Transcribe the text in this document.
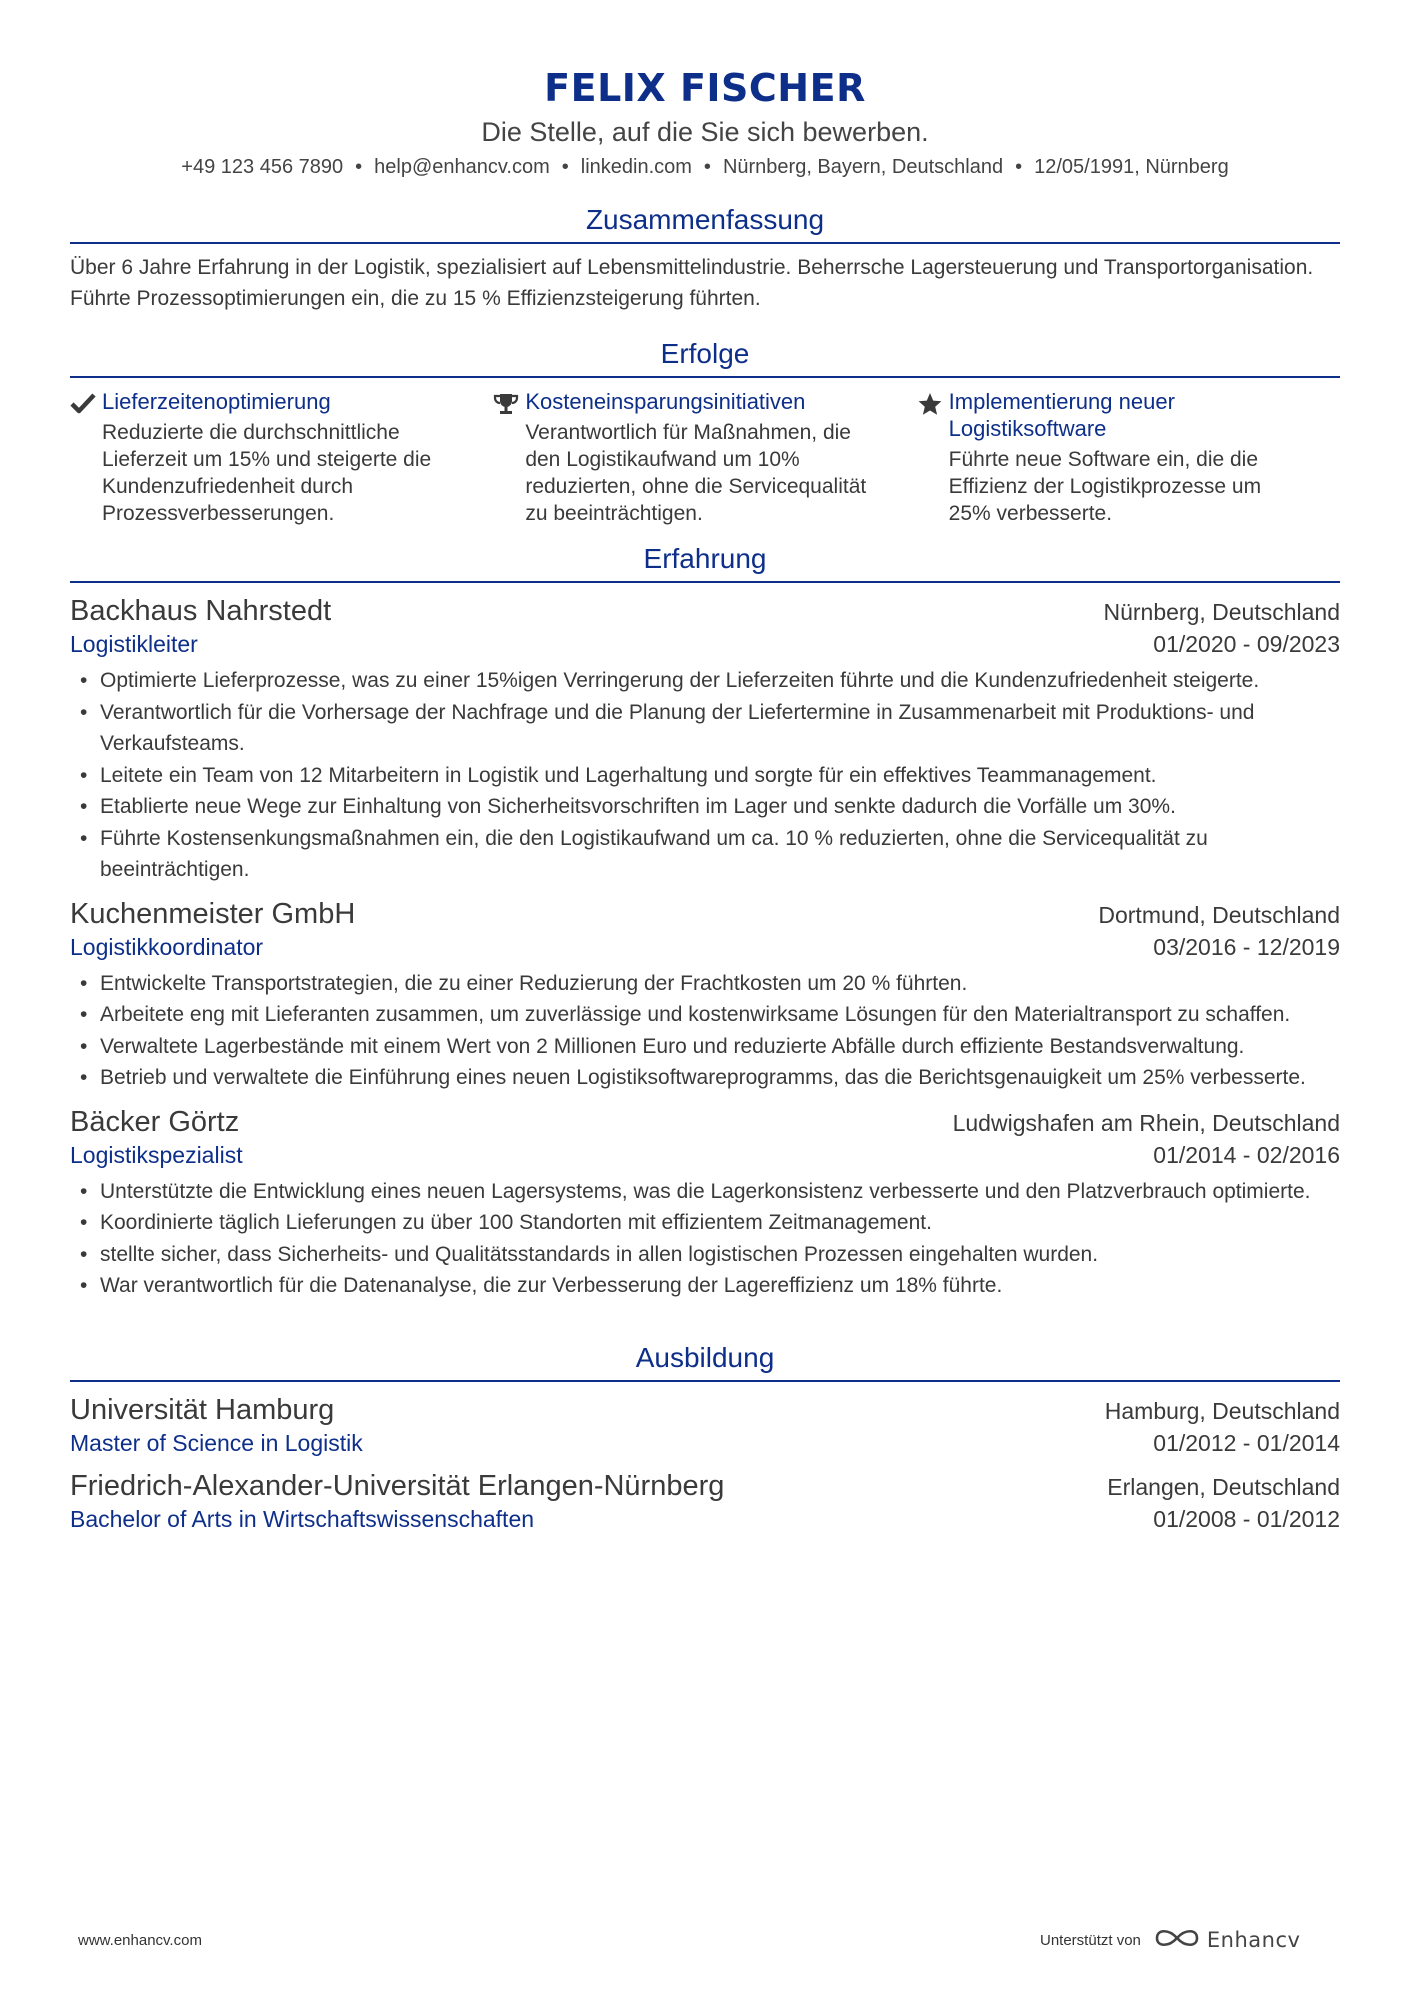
FELIX FISCHER
Die Stelle, auf die Sie sich bewerben.
+49 123 456 7890 • help@enhancv.com • linkedin.com • Nürnberg, Bayern, Deutschland • 12/05/1991, Nürnberg
Zusammenfassung
Über 6 Jahre Erfahrung in der Logistik, spezialisiert auf Lebensmittelindustrie. Beherrsche Lagersteuerung und Transportorganisation. Führte Prozessoptimierungen ein, die zu 15 % Effizienzsteigerung führten.
Erfolge
Lieferzeitenoptimierung
Reduzierte die durchschnittliche Lieferzeit um 15% und steigerte die Kundenzufriedenheit durch Prozessverbesserungen.
Kosteneinsparungsinitiativen
Verantwortlich für Maßnahmen, die den Logistikaufwand um 10% reduzierten, ohne die Servicequalität zu beeinträchtigen.
Implementierung neuer Logistiksoftware
Führte neue Software ein, die die Effizienz der Logistikprozesse um 25% verbesserte.
Erfahrung
Backhaus Nahrstedt	Nürnberg, Deutschland
Logistikleiter	01/2020 - 09/2023
• Optimierte Lieferprozesse, was zu einer 15%igen Verringerung der Lieferzeiten führte und die Kundenzufriedenheit steigerte.
• Verantwortlich für die Vorhersage der Nachfrage und die Planung der Liefertermine in Zusammenarbeit mit Produktions- und Verkaufsteams.
• Leitete ein Team von 12 Mitarbeitern in Logistik und Lagerhaltung und sorgte für ein effektives Teammanagement.
• Etablierte neue Wege zur Einhaltung von Sicherheitsvorschriften im Lager und senkte dadurch die Vorfälle um 30%.
• Führte Kostensenkungsmaßnahmen ein, die den Logistikaufwand um ca. 10 % reduzierten, ohne die Servicequalität zu beeinträchtigen.
Kuchenmeister GmbH	Dortmund, Deutschland
Logistikkoordinator	03/2016 - 12/2019
• Entwickelte Transportstrategien, die zu einer Reduzierung der Frachtkosten um 20 % führten.
• Arbeitete eng mit Lieferanten zusammen, um zuverlässige und kostenwirksame Lösungen für den Materialtransport zu schaffen.
• Verwaltete Lagerbestände mit einem Wert von 2 Millionen Euro und reduzierte Abfälle durch effiziente Bestandsverwaltung.
• Betrieb und verwaltete die Einführung eines neuen Logistiksoftwareprogramms, das die Berichtsgenauigkeit um 25% verbesserte.
Bäcker Görtz	Ludwigshafen am Rhein, Deutschland
Logistikspezialist	01/2014 - 02/2016
• Unterstützte die Entwicklung eines neuen Lagersystems, was die Lagerkonsistenz verbesserte und den Platzverbrauch optimierte.
• Koordinierte täglich Lieferungen zu über 100 Standorten mit effizientem Zeitmanagement.
• stellte sicher, dass Sicherheits- und Qualitätsstandards in allen logistischen Prozessen eingehalten wurden.
• War verantwortlich für die Datenanalyse, die zur Verbesserung der Lagereffizienz um 18% führte.
Ausbildung
Universität Hamburg	Hamburg, Deutschland
Master of Science in Logistik	01/2012 - 01/2014
Friedrich-Alexander-Universität Erlangen-Nürnberg	Erlangen, Deutschland
Bachelor of Arts in Wirtschaftswissenschaften	01/2008 - 01/2012
www.enhancv.com	Unterstützt von	Enhancv
